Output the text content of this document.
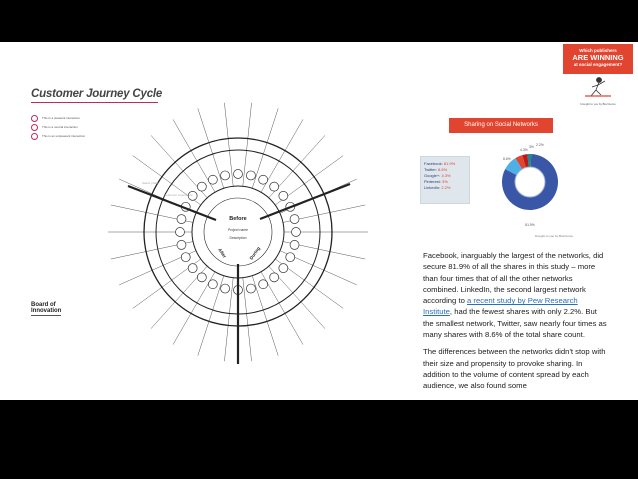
Customer Journey Cycle
This is a pleasant interaction
This is a neutral interaction
This is an unpleasant interaction
Before
Project name
Description
During
After
Select phase
Customer experience
Board of
Innovation
brought to you by Buzzsumo
Which publishers
ARE WINNING
at social engagement?
Sharing on Social Networks
Facebook: 81.9%
Twitter: 8.6%
Google+: 4.3%
Pinterest: 3%
LinkedIn: 2.2%
4.3%
3% 2.2%
8.6%
81.9%
brought to you by Buzzsumo

Facebook, inarguably the largest of the networks, did secure 81.9% of all the shares in this study – more than four times that of all the other networks combined. LinkedIn, the second largest network according to a recent study by Pew Research Institute, had the fewest shares with only 2.2%. But the smallest network, Twitter, saw nearly four times as many shares with 8.6% of the total share count.

The differences between the networks didn't stop with their size and propensity to provoke sharing. In addition to the volume of content spread by each audience, we also found some
